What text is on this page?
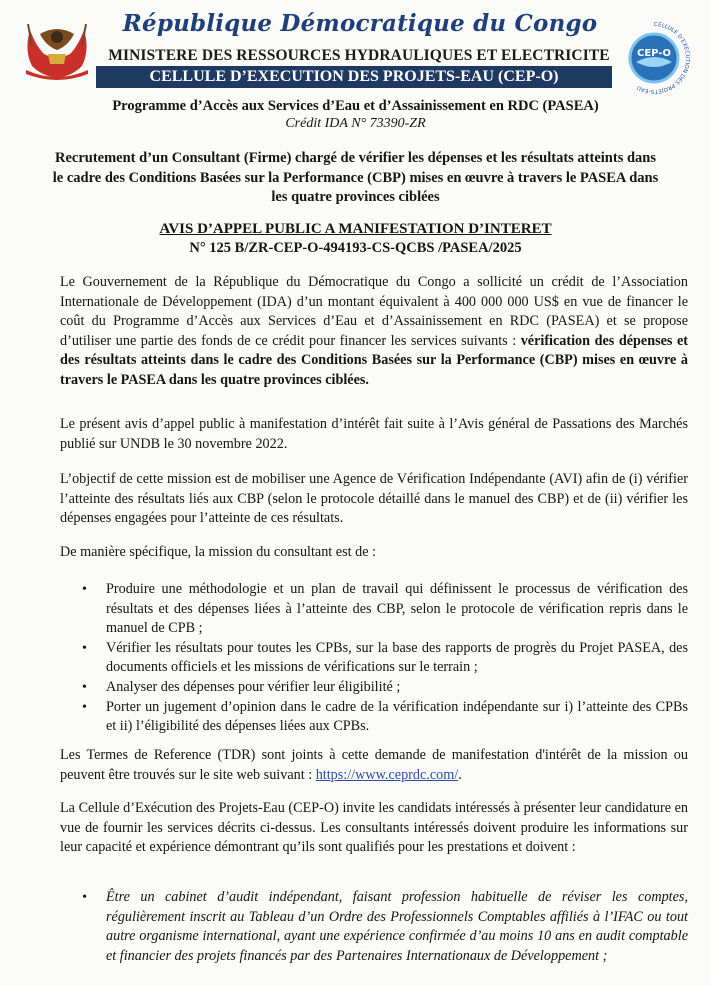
République Démocratique du Congo
MINISTERE DES RESSOURCES HYDRAULIQUES ET ELECTRICITE
CELLULE D’EXECUTION DES PROJETS-EAU (CEP-O)
CEP-O
CELLULE D'EXECUTION DES PROJETS-EAU
Programme d’Accès aux Services d’Eau et d’Assainissement en RDC (PASEA)
Crédit IDA N° 73390-ZR
Recrutement d’un Consultant (Firme) chargé de vérifier les dépenses et les résultats atteints dans le cadre des Conditions Basées sur la Performance (CBP) mises en œuvre à travers le PASEA dans les quatre provinces ciblées
AVIS D’APPEL PUBLIC A MANIFESTATION D’INTERET
N° 125 B/ZR-CEP-O-494193-CS-QCBS /PASEA/2025
Le Gouvernement de la République du Démocratique du Congo a sollicité un crédit de l’Association Internationale de Développement (IDA) d’un montant équivalent à 400 000 000 US$ en vue de financer le coût du Programme d’Accès aux Services d’Eau et d’Assainissement en RDC (PASEA) et se propose d’utiliser une partie des fonds de ce crédit pour financer les services suivants : vérification des dépenses et des résultats atteints dans le cadre des Conditions Basées sur la Performance (CBP) mises en œuvre à travers le PASEA dans les quatre provinces ciblées.
Le présent avis d’appel public à manifestation d’intérêt fait suite à l’Avis général de Passations des Marchés publié sur UNDB le 30 novembre 2022.
L’objectif de cette mission est de mobiliser une Agence de Vérification Indépendante (AVI) afin de (i) vérifier l’atteinte des résultats liés aux CBP (selon le protocole détaillé dans le manuel des CBP) et de (ii) vérifier les dépenses engagées pour l’atteinte de ces résultats.
De manière spécifique, la mission du consultant est de :
• Produire une méthodologie et un plan de travail qui définissent le processus de vérification des résultats et des dépenses liées à l’atteinte des CBP, selon le protocole de vérification repris dans le manuel de CPB ;
• Vérifier les résultats pour toutes les CPBs, sur la base des rapports de progrès du Projet PASEA, des documents officiels et les missions de vérifications sur le terrain ;
• Analyser des dépenses pour vérifier leur éligibilité ;
• Porter un jugement d’opinion dans le cadre de la vérification indépendante sur i) l’atteinte des CPBs et ii) l’éligibilité des dépenses liées aux CPBs.
Les Termes de Reference (TDR) sont joints à cette demande de manifestation d'intérêt de la mission ou peuvent être trouvés sur le site web suivant : https://www.ceprdc.com/.
La Cellule d’Exécution des Projets-Eau (CEP-O) invite les candidats intéressés à présenter leur candidature en vue de fournir les services décrits ci-dessus. Les consultants intéressés doivent produire les informations sur leur capacité et expérience démontrant qu’ils sont qualifiés pour les prestations et doivent :
• Être un cabinet d’audit indépendant, faisant profession habituelle de réviser les comptes, régulièrement inscrit au Tableau d’un Ordre des Professionnels Comptables affiliés à l’IFAC ou tout autre organisme international, ayant une expérience confirmée d’au moins 10 ans en audit comptable et financier des projets financés par des Partenaires Internationaux de Développement ;
